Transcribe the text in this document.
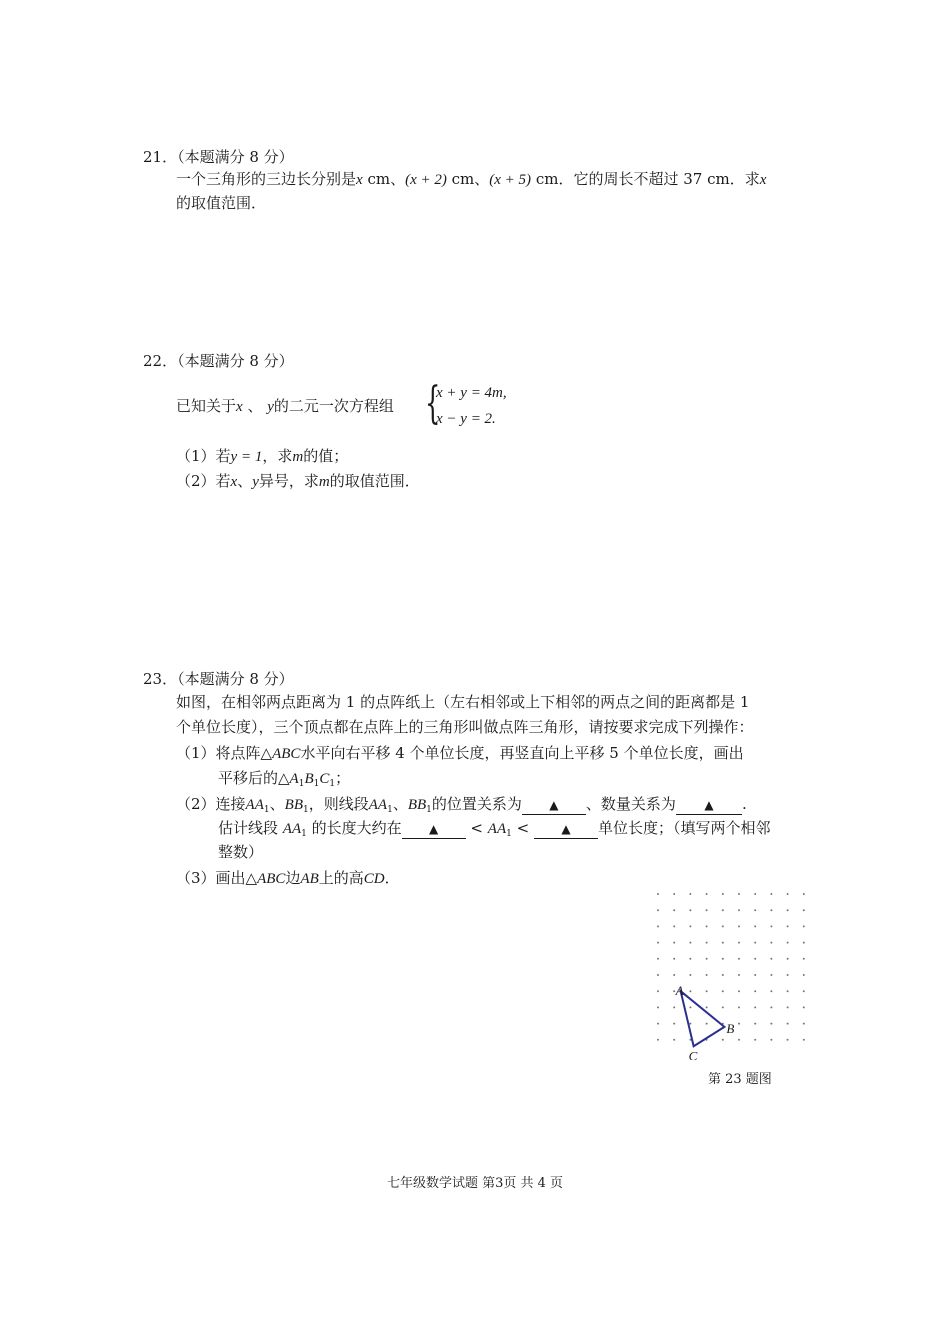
21．（本题满分 8 分）
一个三角形的三边长分别是x cm、(x + 2) cm、(x + 5) cm．它的周长不超过 37 cm．求x
的取值范围．
22．（本题满分 8 分）
已知关于x 、 y的二元一次方程组 {
x + y = 4m,
x − y = 2.
（1）若y = 1，求m的值；
（2）若x、y异号，求m的取值范围．
23．（本题满分 8 分）
如图，在相邻两点距离为 1 的点阵纸上（左右相邻或上下相邻的两点之间的距离都是 1
个单位长度），三个顶点都在点阵上的三角形叫做点阵三角形，请按要求完成下列操作：
（1）将点阵△ABC水平向右平移 4 个单位长度，再竖直向上平移 5 个单位长度，画出
平移后的$\triangle A_1B_1C_1$；
（2）连接$AA_1$、$BB_1$，则线段$AA_1$、$BB_1$的位置关系为 ▲ 、数量关系为 ▲ .
估计线段 $AA_1$ 的长度大约在 ▲ < $AA_1$ < ▲ 单位长度；（填写两个相邻
整数）
（3）画出△ABC边AB上的高CD．
A
B
C
第 23 题图
七年级数学试题 第3页 共 4 页
